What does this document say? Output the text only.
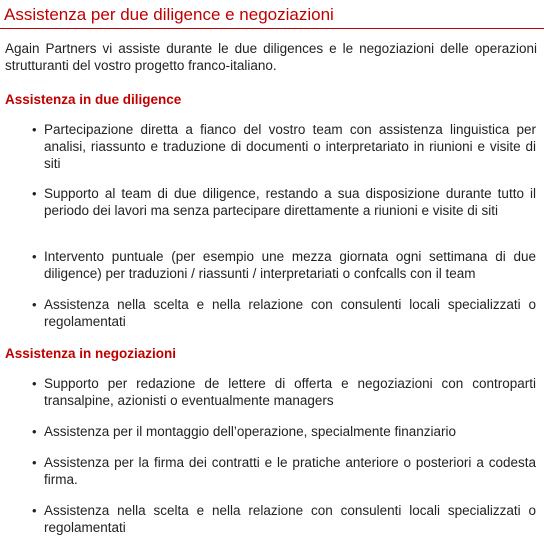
Assistenza per due diligence e negoziazioni

Again Partners vi assiste durante le due diligences e le negoziazioni delle operazioni strutturanti del vostro progetto franco-italiano.

Assistenza in due diligence
• Partecipazione diretta a fianco del vostro team con assistenza linguistica per analisi, riassunto e traduzione di documenti o interpretariato in riunioni e visite di siti
• Supporto al team di due diligence, restando a sua disposizione durante tutto il periodo dei lavori ma senza partecipare direttamente a riunioni e visite di siti
• Intervento puntuale (per esempio une mezza giornata ogni settimana di due diligence) per traduzioni / riassunti / interpretariati o confcalls con il team
• Assistenza nella scelta e nella relazione con consulenti locali specializzati o regolamentati
Assistenza in negoziazioni
• Supporto per redazione de lettere di offerta e negoziazioni con controparti transalpine, azionisti o eventualmente managers
• Assistenza per il montaggio dell’operazione, specialmente finanziario
• Assistenza per la firma dei contratti e le pratiche anteriore o posteriori a codesta firma.
• Assistenza nella scelta e nella relazione con consulenti locali specializzati o regolamentati
